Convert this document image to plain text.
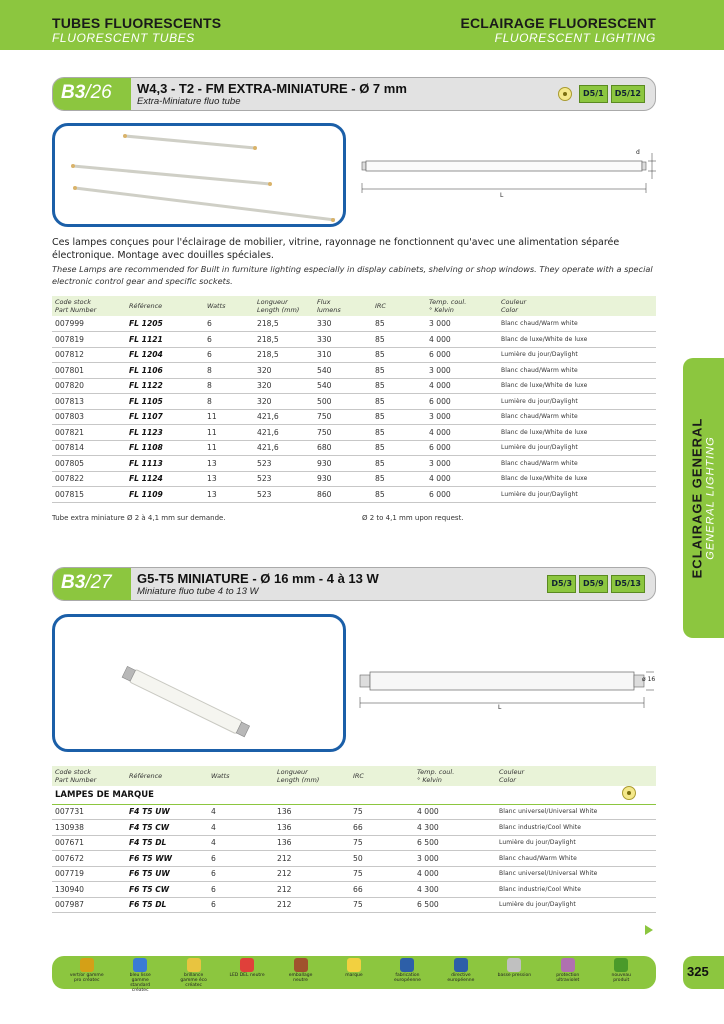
TUBES FLUORESCENTS
FLUORESCENT TUBES
ECLAIRAGE FLUORESCENT
FLUORESCENT LIGHTING
ECLAIRAGE GENERAL GENERAL LIGHTING
B3/26 W4,3 - T2 - FM EXTRA-MINIATURE - Ø 7 mm
Extra-Miniature fluo tube
D5/1	D5/12
d
L
Ces lampes conçues pour l'éclairage de mobilier, vitrine, rayonnage ne fonctionnent qu'avec une alimentation séparée électronique. Montage avec douilles spéciales.
These Lamps are recommended for Built in furniture lighting especially in display cabinets, shelving or shop windows. They operate with a special electronic control gear and specific sockets.
Code stock
Part Number	Référence	Watts	Longueur
Length (mm)	Flux
lumens	IRC	Temp. coul.
° Kelvin	Couleur
Color
007999	FL 1205	6	218,5	330	85	3 000	Blanc chaud/Warm white
007819	FL 1121	6	218,5	330	85	4 000	Blanc de luxe/White de luxe
007812	FL 1204	6	218,5	310	85	6 000	Lumière du jour/Daylight
007801	FL 1106	8	320	540	85	3 000	Blanc chaud/Warm white
007820	FL 1122	8	320	540	85	4 000	Blanc de luxe/White de luxe
007813	FL 1105	8	320	500	85	6 000	Lumière du jour/Daylight
007803	FL 1107	11	421,6	750	85	3 000	Blanc chaud/Warm white
007821	FL 1123	11	421,6	750	85	4 000	Blanc de luxe/White de luxe
007814	FL 1108	11	421,6	680	85	6 000	Lumière du jour/Daylight
007805	FL 1113	13	523	930	85	3 000	Blanc chaud/Warm white
007822	FL 1124	13	523	930	85	4 000	Blanc de luxe/White de luxe
007815	FL 1109	13	523	860	85	6 000	Lumière du jour/Daylight
Tube extra miniature Ø 2 à 4,1 mm sur demande.	Ø 2 to 4,1 mm upon request.
B3/27 G5-T5 MINIATURE - Ø 16 mm - 4 à 13 W
Miniature fluo tube 4 to 13 W
D5/3	D5/9	D5/13
ø 16
L
Code stock
Part Number	Référence	Watts	Longueur
Length (mm)	IRC	Temp. coul.
° Kelvin	Couleur
Color
LAMPES DE MARQUE						
007731	F4 T5 UW	4	136	75	4 000	Blanc universel/Universal White
130938	F4 T5 CW	4	136	66	4 300	Blanc industrie/Cool White
007671	F4 T5 DL	4	136	75	6 500	Lumière du jour/Daylight
007672	F6 T5 WW	6	212	50	3 000	Blanc chaud/Warm White
007719	F6 T5 UW	6	212	75	4 000	Blanc universel/Universal White
130940	F6 T5 CW	6	212	66	4 300	Blanc industrie/Cool White
007987	F6 T5 DL	6	212	75	6 500	Lumière du jour/Daylight
vert/or gamme pro créatec
bleu lisse gamme standard créatec
brillance gamme éco créatec
LED DEL neutre	emballage neutre
marque	fabrication européenne
directive européenne
basse pression	protection ultraviolet
nouveau produit
325
